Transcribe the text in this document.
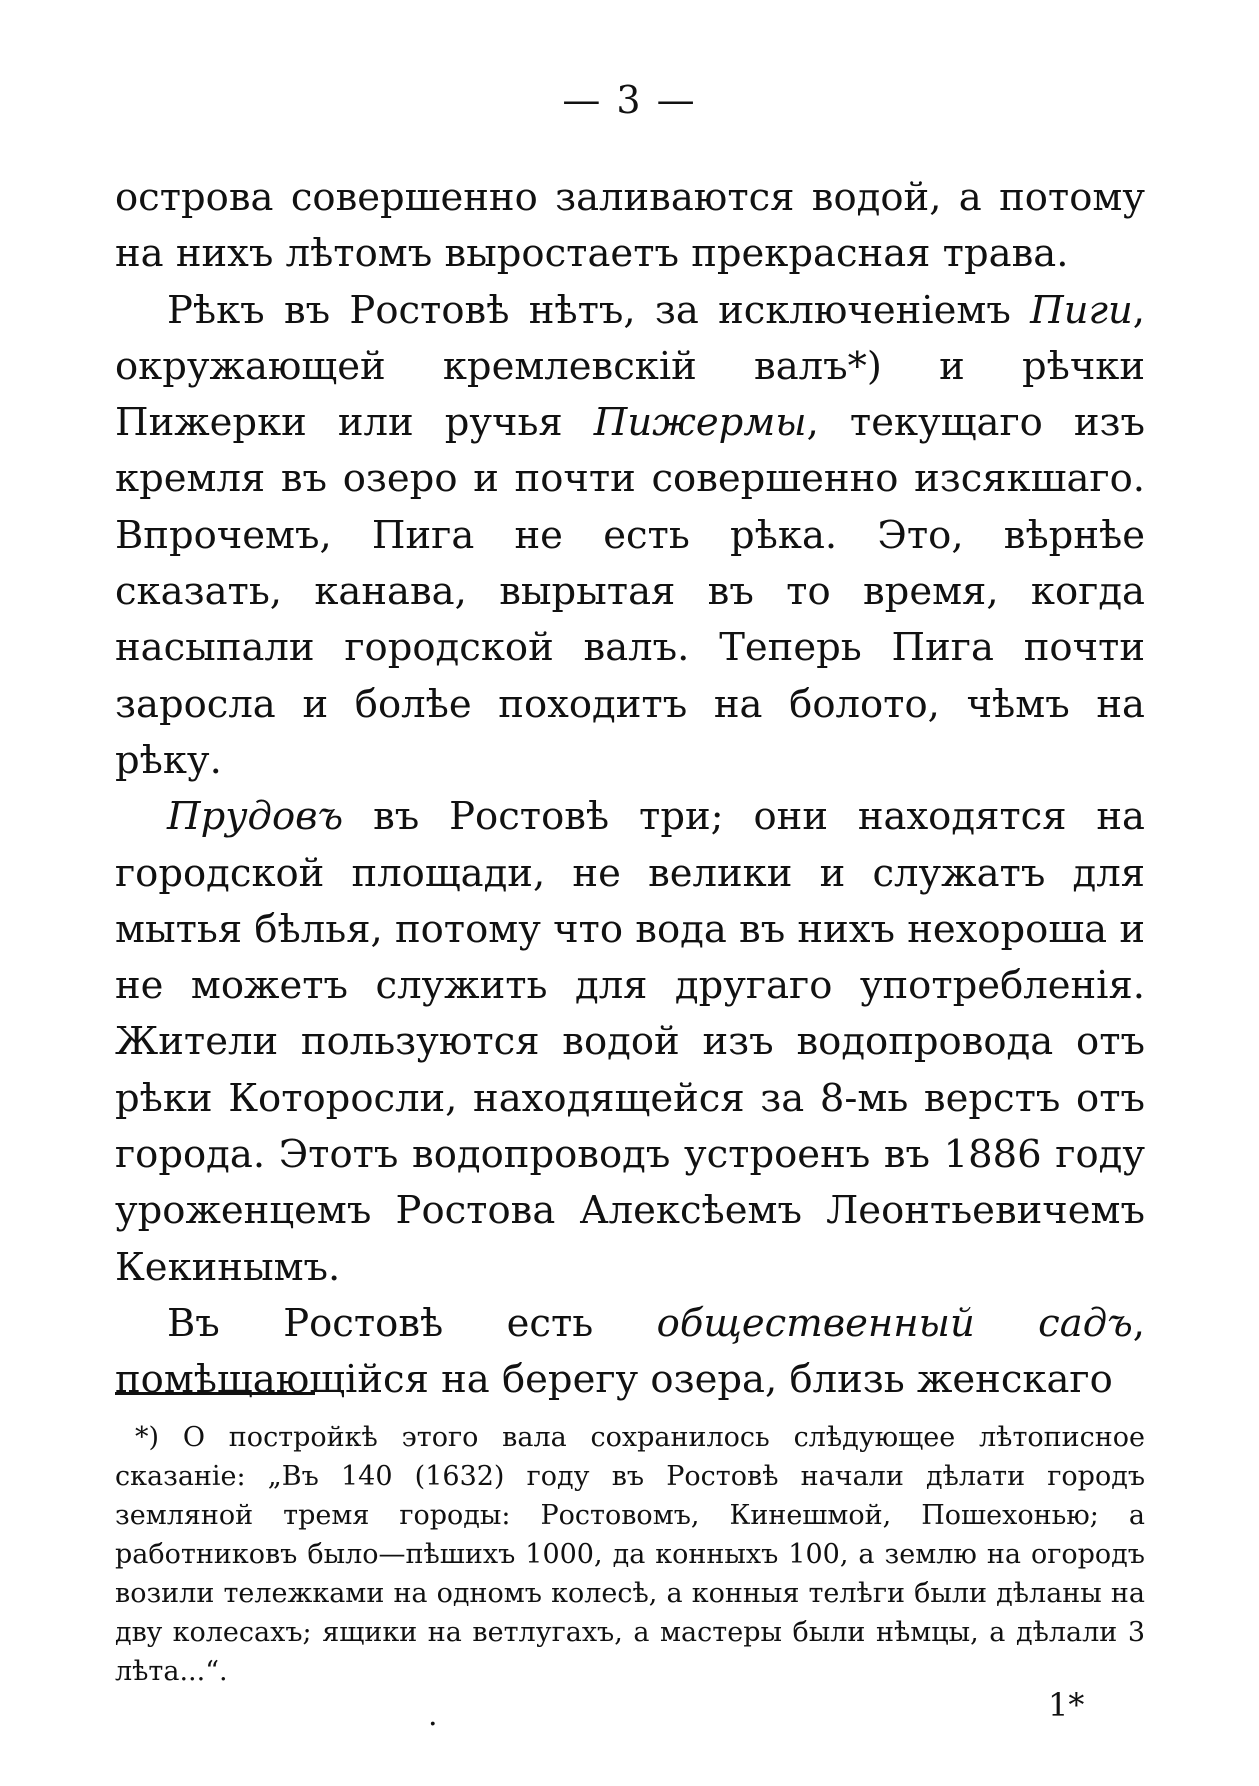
— 3 —

острова совершенно заливаются водой, а потому на нихъ лѣтомъ выростаетъ прекрасная трава.

Рѣкъ въ Ростовѣ нѣтъ, за исключеніемъ Пиги, окружающей кремлевскій валъ*) и рѣчки Пижерки или ручья Пижермы, текущаго изъ кремля въ озеро и почти совершенно изсякшаго. Впрочемъ, Пига не есть рѣка. Это, вѣрнѣе сказать, канава, вырытая въ то время, когда насыпали городской валъ. Теперь Пига почти заросла и болѣе походитъ на болото, чѣмъ на рѣку.

Прудовъ въ Ростовѣ три; они находятся на городской площади, не велики и служатъ для мытья бѣлья, потому что вода въ нихъ нехороша и не можетъ служить для другаго употребленія. Жители пользуются водой изъ водопровода отъ рѣки Которосли, находящейся за 8-мь верстъ отъ города. Этотъ водопроводъ устроенъ въ 1886 году уроженцемъ Ростова Алексѣемъ Леонтьевичемъ Кекинымъ.

Въ Ростовѣ есть общественный садъ, помѣщающійся на берегу озера, близь женскаго

*) О постройкѣ этого вала сохранилось слѣдующее лѣтописное сказаніе: „Въ 140 (1632) году въ Ростовѣ начали дѣлати городъ земляной тремя городы: Ростовомъ, Кинешмой, Пошехонью; а работниковъ было—пѣшихъ 1000, да конныхъ 100, а землю на огородъ возили тележками на одномъ колесѣ, а конныя телѣги были дѣланы на двy колесахъ; ящики на ветлугахъ, а мастеры были нѣмцы, а дѣлали 3 лѣта...“.

.	1*
